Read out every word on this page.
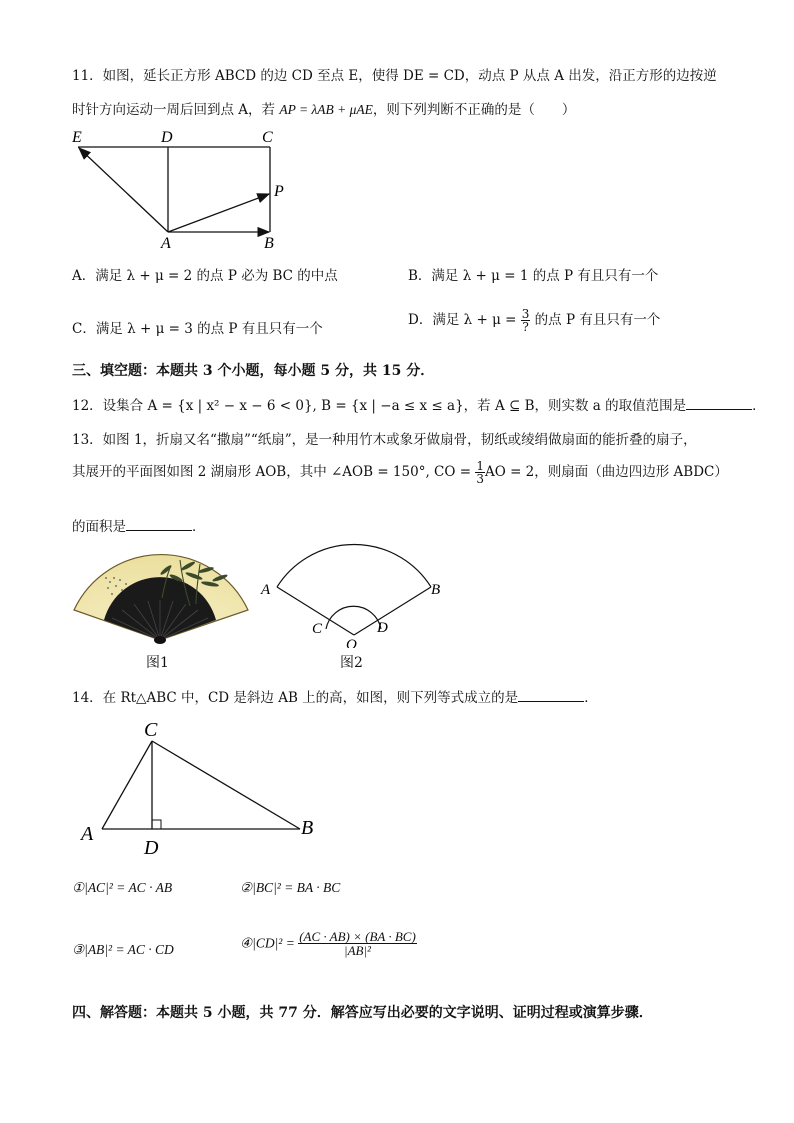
11．如图，延长正方形 ABCD 的边 CD 至点 E，使得 DE = CD，动点 P 从点 A 出发，沿正方形的边按逆
时针方向运动一周后回到点 A，若 AP = λAB + μAE，则下列判断不正确的是（　　）
E	D	C
P
A	B
A．满足 λ + μ = 2 的点 P 必为 BC 的中点	B．满足 λ + μ = 1 的点 P 有且只有一个
C．满足 λ + μ = 3 的点 P 有且只有一个
D．满足 λ + μ = 3
? 的点 P 有且只有一个
三、填空题：本题共 3 个小题，每小题 5 分，共 15 分．
12．设集合 A = {x | x² − x − 6 < 0}, B = {x | −a ≤ x ≤ a}，若 A ⊆ B，则实数 a 的取值范围是	．
13．如图 1，折扇又名“撒扇”“纸扇”，是一种用竹木或象牙做扇骨，韧纸或绫绢做扇面的能折叠的扇子，
其展开的平面图如图 2 湖扇形 AOB，其中 ∠AOB = 150°, CO = $\frac{1}{3}$ AO = 2，则扇面（曲边四边形 ABDC）
的面积是	．
图1
A	B
C	D
O
图2
14．在 Rt△ABC 中，CD 是斜边 AB 上的高，如图，则下列等式成立的是	．
C
A	B
D
①|AC|² = AC · AB	②|BC|² = BA · BC
③|AB|² = AC · CD	④|CD|² = $\frac{(AC \cdot AB) \times (BA \cdot BC)}{\text{|AB|²}}$
四、解答题：本题共 5 小题，共 77 分．解答应写出必要的文字说明、证明过程或演算步骤．
